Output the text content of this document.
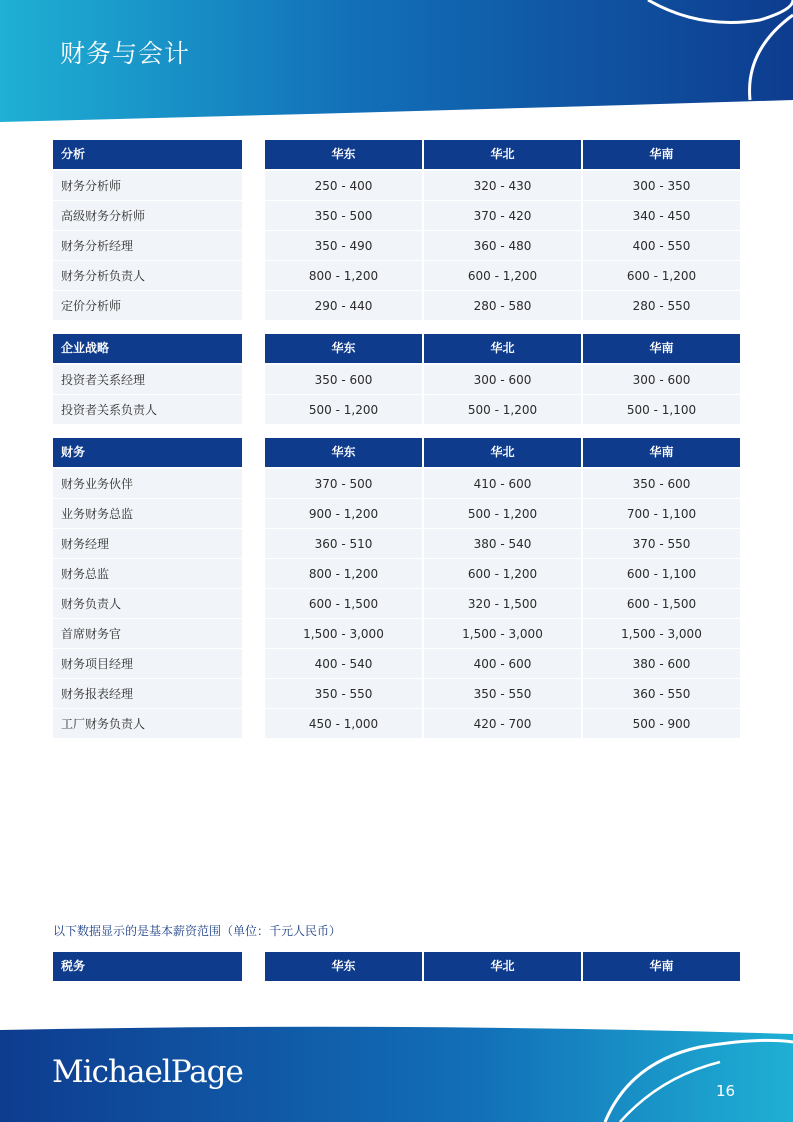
财务与会计
分析	华东	华北	华南
财务分析师	250 - 400	320 - 430	300 - 350
高级财务分析师	350 - 500	370 - 420	340 - 450
财务分析经理	350 - 490	360 - 480	400 - 550
财务分析负责人	800 - 1,200	600 - 1,200	600 - 1,200
定价分析师	290 - 440	280 - 580	280 - 550
企业战略	华东	华北	华南
投资者关系经理	350 - 600	300 - 600	300 - 600
投资者关系负责人	500 - 1,200	500 - 1,200	500 - 1,100
财务	华东	华北	华南
财务业务伙伴	370 - 500	410 - 600	350 - 600
业务财务总监	900 - 1,200	500 - 1,200	700 - 1,100
财务经理	360 - 510	380 - 540	370 - 550
财务总监	800 - 1,200	600 - 1,200	600 - 1,100
财务负责人	600 - 1,500	320 - 1,500	600 - 1,500
首席财务官	1,500 - 3,000	1,500 - 3,000	1,500 - 3,000
财务项目经理	400 - 540	400 - 600	380 - 600
财务报表经理	350 - 550	350 - 550	360 - 550
工厂财务负责人	450 - 1,000	420 - 700	500 - 900
税务	华东	华北	华南

以下数据显示的是基本薪资范围（单位：千元人民币）

MichaelPage
16
